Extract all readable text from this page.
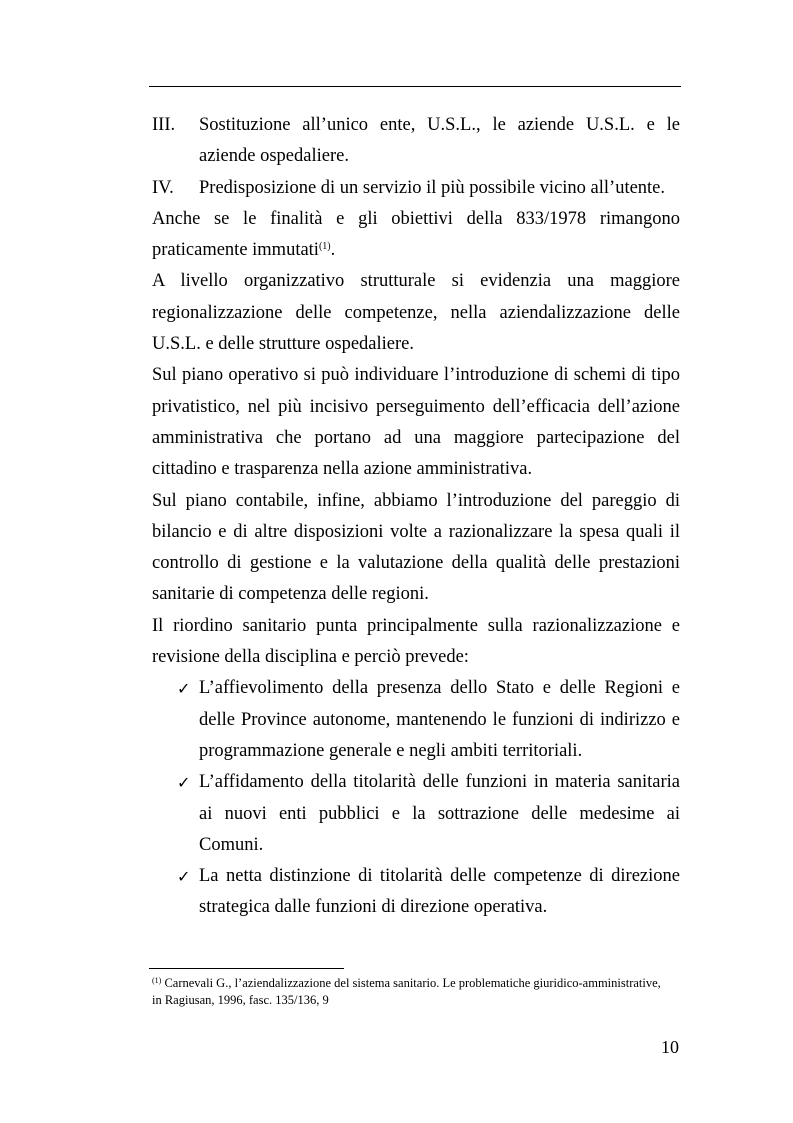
III. Sostituzione all’unico ente, U.S.L., le aziende U.S.L. e le aziende ospedaliere.
IV. Predisposizione di un servizio il più possibile vicino all’utente.

Anche se le finalità e gli obiettivi della 833/1978 rimangono praticamente immutati$^{(1)}$.

A livello organizzativo strutturale si evidenzia una maggiore regionalizzazione delle competenze, nella aziendalizzazione delle U.S.L. e delle strutture ospedaliere.

Sul piano operativo si può individuare l’introduzione di schemi di tipo privatistico, nel più incisivo perseguimento dell’efficacia dell’azione amministrativa che portano ad una maggiore partecipazione del cittadino e trasparenza nella azione amministrativa.

Sul piano contabile, infine, abbiamo l’introduzione del pareggio di bilancio e di altre disposizioni volte a razionalizzare la spesa quali il controllo di gestione e la valutazione della qualità delle prestazioni sanitarie di competenza delle regioni.

Il riordino sanitario punta principalmente sulla razionalizzazione e revisione della disciplina e perciò prevede:

✓ L’affievolimento della presenza dello Stato e delle Regioni e delle Province autonome, mantenendo le funzioni di indirizzo e programmazione generale e negli ambiti territoriali.
✓ L’affidamento della titolarità delle funzioni in materia sanitaria ai nuovi enti pubblici e la sottrazione delle medesime ai Comuni.
✓ La netta distinzione di titolarità delle competenze di direzione strategica dalle funzioni di direzione operativa.
$^{(1)}$ Carnevali G., l’aziendalizzazione del sistema sanitario. Le problematiche giuridico-amministrative, in Ragiusan, 1996, fasc. 135/136, 9
10
